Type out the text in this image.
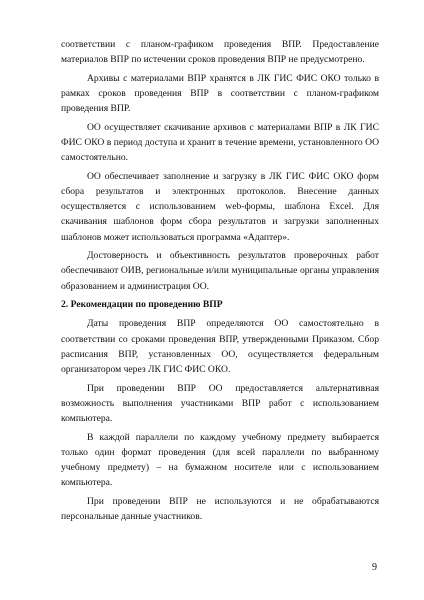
соответствии с планом-графиком проведения ВПР. Предоставление материалов ВПР по истечении сроков проведения ВПР не предусмотрено.

Архивы с материалами ВПР хранятся в ЛК ГИС ФИС ОКО только в рамках сроков проведения ВПР в соответствии с планом-графиком проведения ВПР.

ОО осуществляет скачивание архивов с материалами ВПР в ЛК ГИС ФИС ОКО в период доступа и хранит в течение времени, установленного ОО самостоятельно.

ОО обеспечивает заполнение и загрузку в ЛК ГИС ФИС ОКО форм сбора результатов и электронных протоколов. Внесение данных осуществляется с использованием web-формы, шаблона Excel. Для скачивания шаблонов форм сбора результатов и загрузки заполненных шаблонов может использоваться программа «Адаптер».

Достоверность и объективность результатов проверочных работ обеспечивают ОИВ, региональные и/или муниципальные органы управления образованием и администрация ОО.

2. Рекомендации по проведению ВПР

Даты проведения ВПР определяются ОО самостоятельно в соответствии со сроками проведения ВПР, утвержденными Приказом. Сбор расписания ВПР, установленных ОО, осуществляется федеральным организатором через ЛК ГИС ФИС ОКО.

При проведении ВПР ОО предоставляется альтернативная возможность выполнения участниками ВПР работ с использованием компьютера.

В каждой параллели по каждому учебному предмету выбирается только один формат проведения (для всей параллели по выбранному учебному предмету) – на бумажном носителе или с использованием компьютера.

При проведении ВПР не используются и не обрабатываются персональные данные участников.

9
